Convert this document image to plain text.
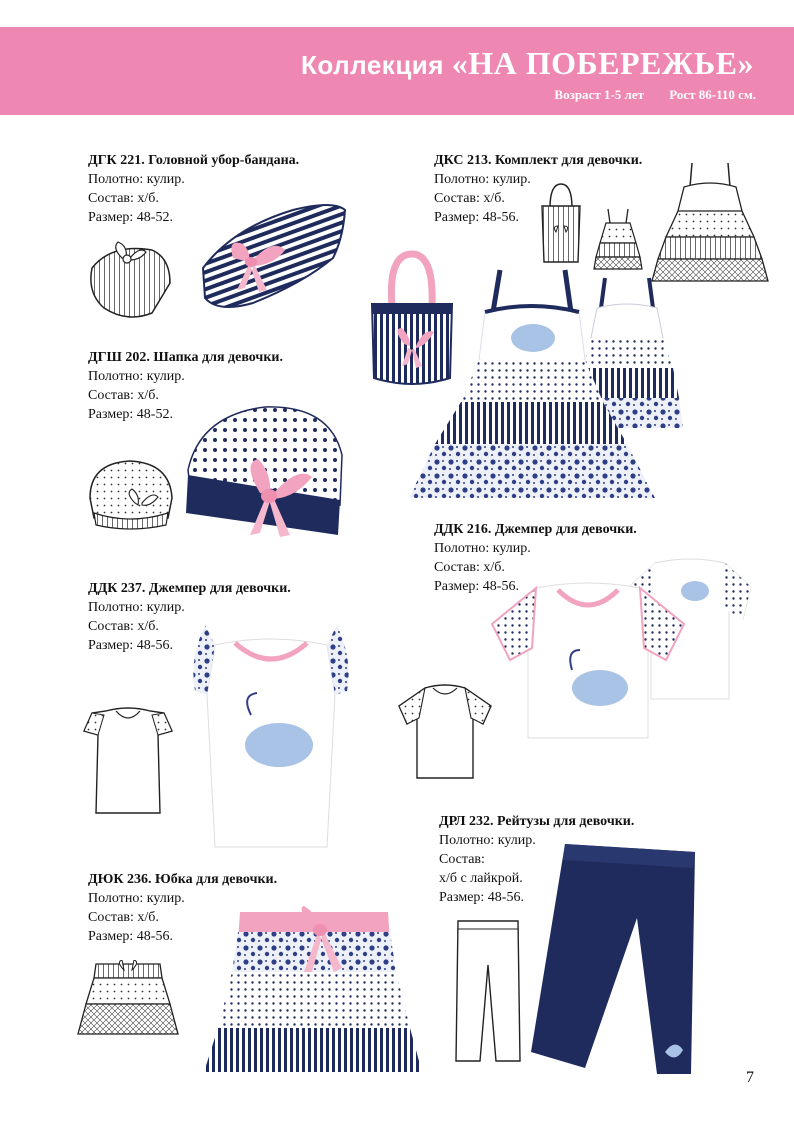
Коллекция «НА ПОБЕРЕЖЬЕ»
Возраст 1-5 лет Рост 86-110 см.
ДГК 221. Головной убор-бандана.
Полотно: кулир.
Состав: х/б.
Размер: 48-52.
ДГШ 202. Шапка для девочки.
Полотно: кулир.
Состав: х/б.
Размер: 48-52.
ДКС 213. Комплект для девочки.
Полотно: кулир.
Состав: х/б.
Размер: 48-56.
ДДК 216. Джемпер для девочки.
Полотно: кулир.
Состав: х/б.
Размер: 48-56.
ДДК 237. Джемпер для девочки.
Полотно: кулир.
Состав: х/б.
Размер: 48-56.
ДРЛ 232. Рейтузы для девочки.
Полотно: кулир.
Состав:
х/б с лайкрой.
Размер: 48-56.
ДЮК 236. Юбка для девочки.
Полотно: кулир.
Состав: х/б.
Размер: 48-56.
7
